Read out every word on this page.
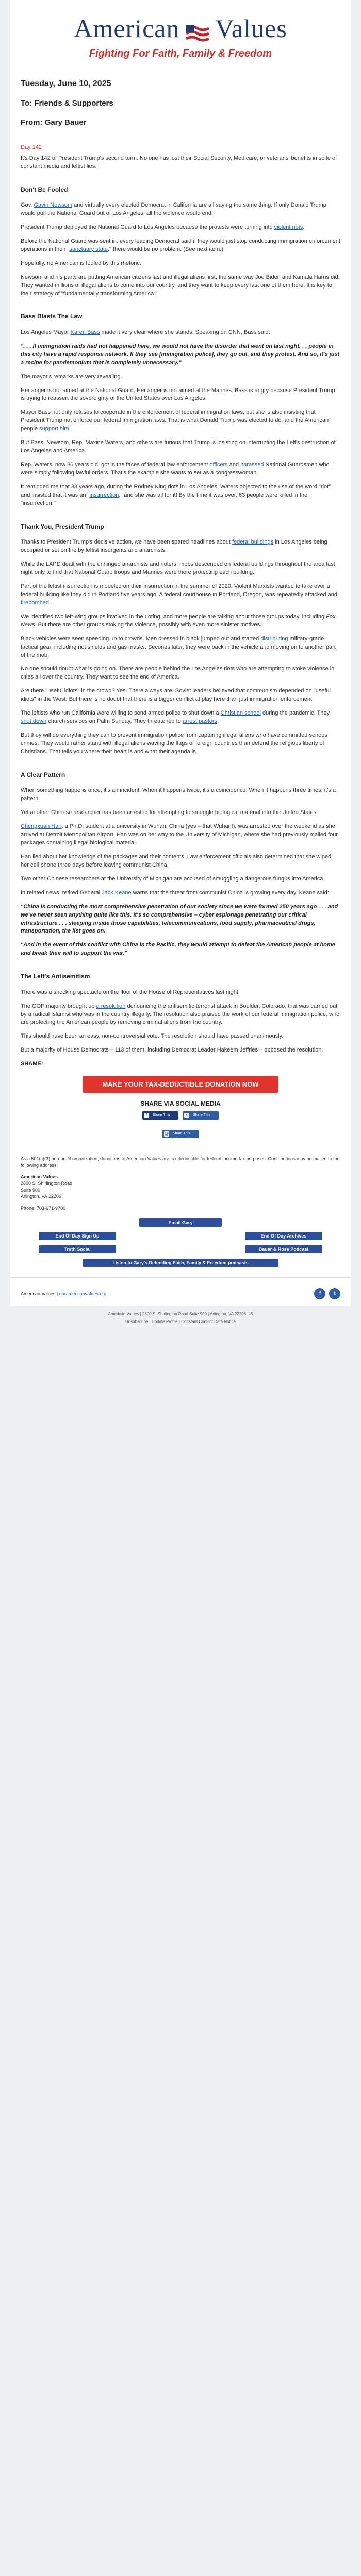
American Values
Fighting For Faith, Family & Freedom

Tuesday, June 10, 2025

To: Friends & Supporters

From: Gary Bauer

Day 142

It's Day 142 of President Trump's second term. No one has lost their Social Security, Medicare, or veterans' benefits in spite of constant media and leftist lies.

Don't Be Fooled

Gov. Gavin Newsom and virtually every elected Democrat in California are all saying the same thing: If only Donald Trump would pull the National Guard out of Los Angeles, all the violence would end!

President Trump deployed the National Guard to Los Angeles because the protests were turning into violent riots.

Before the National Guard was sent in, every leading Democrat said if they would just stop conducting immigration enforcement operations in their "sanctuary state," there would be no problem. (See next item.)

Hopefully, no American is fooled by this rhetoric.

Newsom and his party are putting American citizens last and illegal aliens first, the same way Joe Biden and Kamala Harris did. They wanted millions of illegal aliens to come into our country, and they want to keep every last one of them here. It is key to their strategy of "fundamentally transforming America."

Bass Blasts The Law

Los Angeles Mayor Karen Bass made it very clear where she stands. Speaking on CNN, Bass said:

". . . If immigration raids had not happened here, we would not have the disorder that went on last night. . . people in this city have a rapid response network. If they see [immigration police], they go out, and they protest. And so, it's just a recipe for pandemonium that is completely unnecessary."

The mayor's remarks are very revealing.

Her anger is not aimed at the National Guard. Her anger is not aimed at the Marines. Bass is angry because President Trump is trying to reassert the sovereignty of the United States over Los Angeles.

Mayor Bass not only refuses to cooperate in the enforcement of federal immigration laws, but she is also insisting that President Trump not enforce our federal immigration laws. That is what Donald Trump was elected to do, and the American people support him.

But Bass, Newsom, Rep. Maxine Waters, and others are furious that Trump is insisting on interrupting the Left's destruction of Los Angeles and America.

Rep. Waters, now 86 years old, got in the faces of federal law enforcement officers and harassed National Guardsmen who were simply following lawful orders. That's the example she wants to set as a congresswoman.

It reminded me that 33 years ago, during the Rodney King riots in Los Angeles, Waters objected to the use of the word "riot" and insisted that it was an "insurrection," and she was all for it! By the time it was over, 63 people were killed in the "insurrection."

Thank You, President Trump

Thanks to President Trump's decisive action, we have been spared headlines about federal buildings in Los Angeles being occupied or set on fire by leftist insurgents and anarchists.

While the LAPD dealt with the unhinged anarchists and rioters, mobs descended on federal buildings throughout the area last night only to find that National Guard troops and Marines were there protecting each building.

Part of the leftist insurrection is modeled on their insurrection in the summer of 2020. Violent Marxists wanted to take over a federal building like they did in Portland five years ago. A federal courthouse in Portland, Oregon, was repeatedly attacked and firebombed.

We identified two left-wing groups involved in the rioting, and more people are talking about those groups today, including Fox News. But there are other groups stoking the violence, possibly with even more sinister motives.

Black vehicles were seen speeding up to crowds. Men dressed in black jumped out and started distributing military-grade tactical gear, including riot shields and gas masks. Seconds later, they were back in the vehicle and moving on to another part of the mob.

No one should doubt what is going on. There are people behind the Los Angeles riots who are attempting to stoke violence in cities all over the country. They want to see the end of America.

Are there "useful idiots" in the crowd? Yes. There always are. Soviet leaders believed that communism depended on "useful idiots" in the West. But there is no doubt that there is a bigger conflict at play here than just immigration enforcement.

The leftists who run California were willing to send armed police to shut down a Christian school during the pandemic. They shut down church services on Palm Sunday. They threatened to arrest pastors.

But they will do everything they can to prevent immigration police from capturing illegal aliens who have committed serious crimes. They would rather stand with illegal aliens waving the flags of foreign countries than defend the religious liberty of Christians. That tells you where their heart is and what their agenda is.

A Clear Pattern

When something happens once, it's an incident. When it happens twice, it's a coincidence. When it happens three times, it's a pattern.

Yet another Chinese researcher has been arrested for attempting to smuggle biological material into the United States.

Chengxuan Han, a Ph.D. student at a university in Wuhan, China (yes – that Wuhan!), was arrested over the weekend as she arrived at Detroit Metropolitan Airport. Han was on her way to the University of Michigan, where she had previously mailed four packages containing illegal biological material.

Han lied about her knowledge of the packages and their contents. Law enforcement officials also determined that she wiped her cell phone three days before leaving communist China.

Two other Chinese researchers at the University of Michigan are accused of smuggling a dangerous fungus into America.

In related news, retired General Jack Keane warns that the threat from communist China is growing every day. Keane said:

"China is conducting the most comprehensive penetration of our society since we were formed 250 years ago . . . and we've never seen anything quite like this. It's so comprehensive – cyber espionage penetrating our critical infrastructure . . . sleeping inside those capabilities, telecommunications, food supply, pharmaceutical drugs, transportation, the list goes on.

"And in the event of this conflict with China in the Pacific, they would attempt to defeat the American people at home and break their will to support the war."

The Left's Antisemitism

There was a shocking spectacle on the floor of the House of Representatives last night.

The GOP majority brought up a resolution denouncing the antisemitic terrorist attack in Boulder, Colorado, that was carried out by a radical Islamist who was in the country illegally. The resolution also praised the work of our federal immigration police, who are protecting the American people by removing criminal aliens from the country.

This should have been an easy, non-controversial vote. The resolution should have passed unanimously.

But a majority of House Democrats – 113 of them, including Democrat Leader Hakeem Jeffries – opposed the resolution.

SHAME!

MAKE YOUR TAX-DEDUCTIBLE DONATION NOW
SHARE VIA SOCIAL MEDIA
f	Share This Email
t	Share This Email
@ Share This Email

As a 501(c)(3) non-profit organization, donations to American Values are tax deductible for federal income tax purposes. Contributions may be mailed to the following address:

American Values

2800 S. Shirlington Road

Suite 900

Arlington, VA 22206

Phone: 703-671-9700

Email Gary
End Of Day Sign Up	End Of Day Archives
Truth Social	Bauer & Rose Podcast
Listen to Gary's Defending Faith, Family & Freedom podcasts
American Values | ouramericanvalues.org	f	t
American Values | 2800 S. Shirlington Road Suite 900 | Arlington, VA 22206 US
Unsubscribe | Update Profile | Constant Contact Data Notice
